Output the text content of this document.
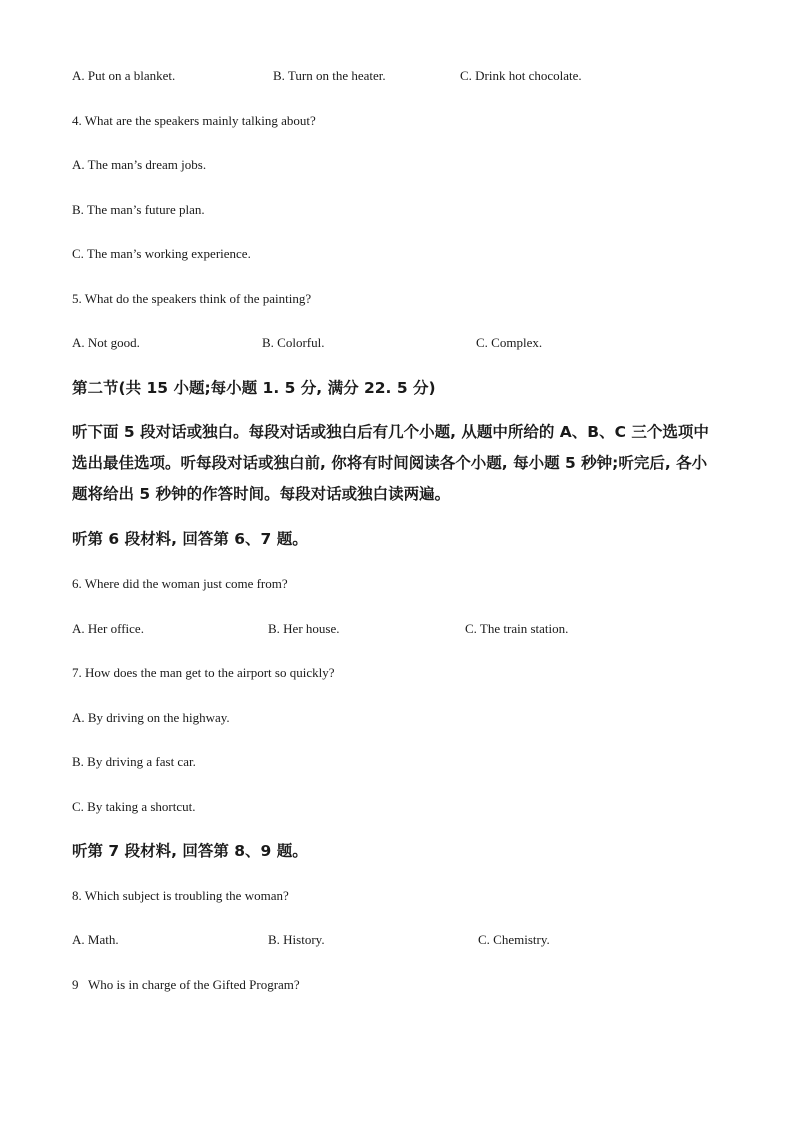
A. Put on a blanket.	B. Turn on the heater.	C. Drink hot chocolate.
4. What are the speakers mainly talking about?
A. The man’s dream jobs.
B. The man’s future plan.
C. The man’s working experience.
5. What do the speakers think of the painting?
A. Not good.	B. Colorful.	C. Complex.
第二节(共 15 小题;每小题 1. 5 分, 满分 22. 5 分)
听下面 5 段对话或独白。每段对话或独白后有几个小题, 从题中所给的 A、B、C 三个选项中
选出最佳选项。听每段对话或独白前, 你将有时间阅读各个小题, 每小题 5 秒钟;听完后, 各小
题将给出 5 秒钟的作答时间。每段对话或独白读两遍。
听第 6 段材料, 回答第 6、7 题。
6. Where did the woman just come from?
A. Her office.	B. Her house.	C. The train station.
7. How does the man get to the airport so quickly?
A. By driving on the highway.
B. By driving a fast car.
C. By taking a shortcut.
听第 7 段材料, 回答第 8、9 题。
8. Which subject is troubling the woman?
A. Math.	B. History.	C. Chemistry.
9   Who is in charge of the Gifted Program?
